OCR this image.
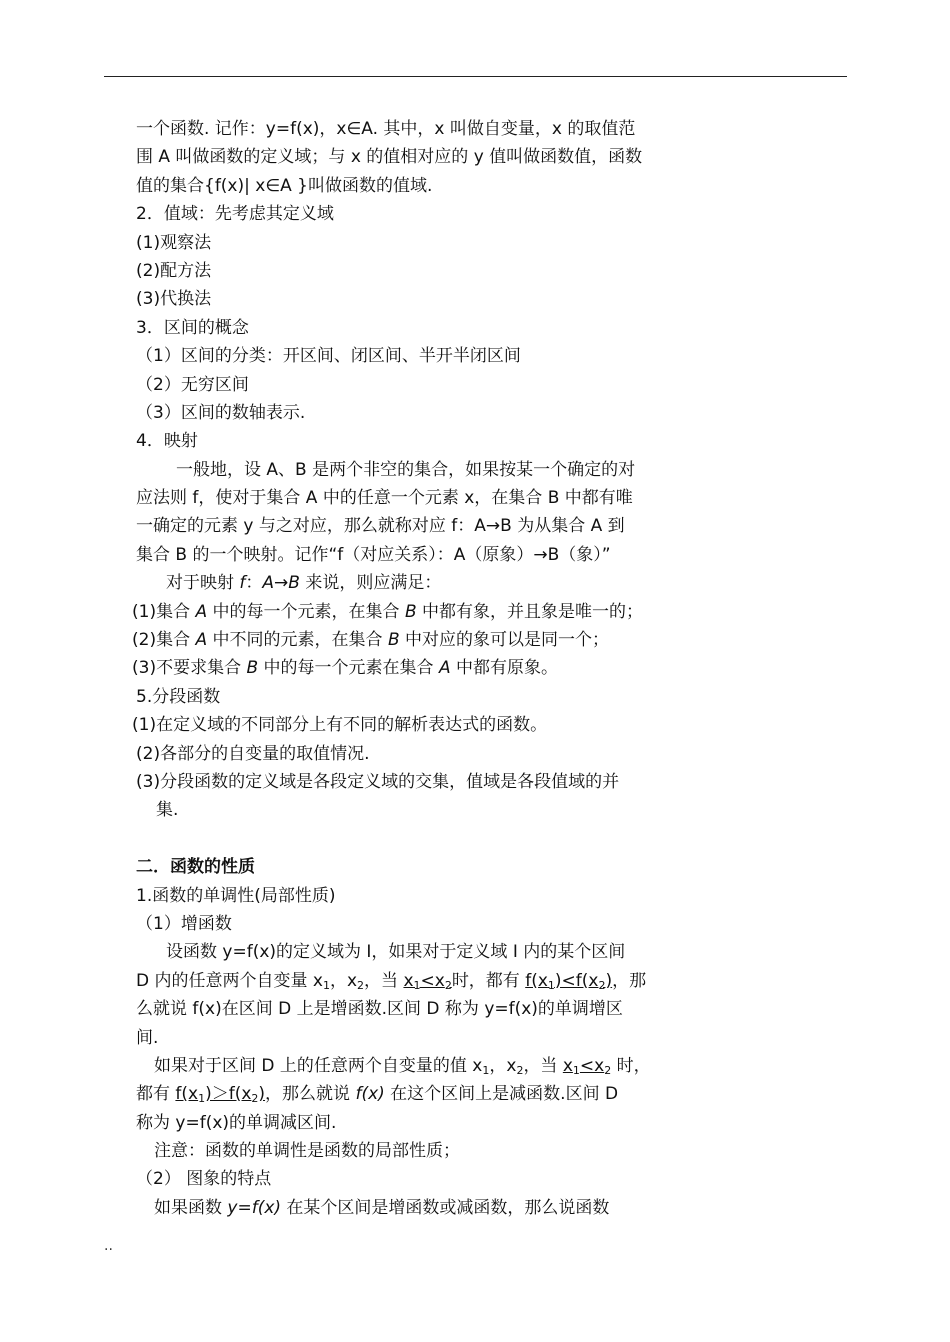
一个函数. 记作：y=f(x)，x∈A. 其中，x 叫做自变量，x 的取值范
围 A 叫做函数的定义域；与 x 的值相对应的 y 值叫做函数值，函数
值的集合{f(x)| x∈A }叫做函数的值域.
2．值域：先考虑其定义域
(1)观察法
(2)配方法
(3)代换法
3．区间的概念
（1）区间的分类：开区间、闭区间、半开半闭区间
（2）无穷区间
（3）区间的数轴表示.
4．映射
一般地，设 A、B 是两个非空的集合，如果按某一个确定的对
应法则 f，使对于集合 A 中的任意一个元素 x，在集合 B 中都有唯
一确定的元素 y 与之对应，那么就称对应 f：A→B 为从集合 A 到
集合 B 的一个映射。记作“f（对应关系）：A（原象）→B（象）”
对于映射 f：A→B 来说，则应满足：
(1)集合 A 中的每一个元素，在集合 B 中都有象，并且象是唯一的；
(2)集合 A 中不同的元素，在集合 B 中对应的象可以是同一个；
(3)不要求集合 B 中的每一个元素在集合 A 中都有原象。
5.分段函数
(1)在定义域的不同部分上有不同的解析表达式的函数。
(2)各部分的自变量的取值情况.
(3)分段函数的定义域是各段定义域的交集，值域是各段值域的并
集.
二．函数的性质
1.函数的单调性(局部性质)
（1）增函数
设函数 y=f(x)的定义域为 I，如果对于定义域 I 内的某个区间
D 内的任意两个自变量 $x_1$，$x_2$，当 $x_1<x_2$时，都有 $f(x_1)<f(x_2)$，那
么就说 f(x)在区间 D 上是增函数.区间 D 称为 y=f(x)的单调增区
间.
如果对于区间 D 上的任意两个自变量的值 $x_1$，$x_2$，当 $x_1<x_2$ 时，
都有 $f(x_1)>f(x_2)$，那么就说 f(x) 在这个区间上是减函数.区间 D
称为 y=f(x)的单调减区间.
注意：函数的单调性是函数的局部性质；
（2） 图象的特点
如果函数 y=f(x) 在某个区间是增函数或减函数，那么说函数
..
